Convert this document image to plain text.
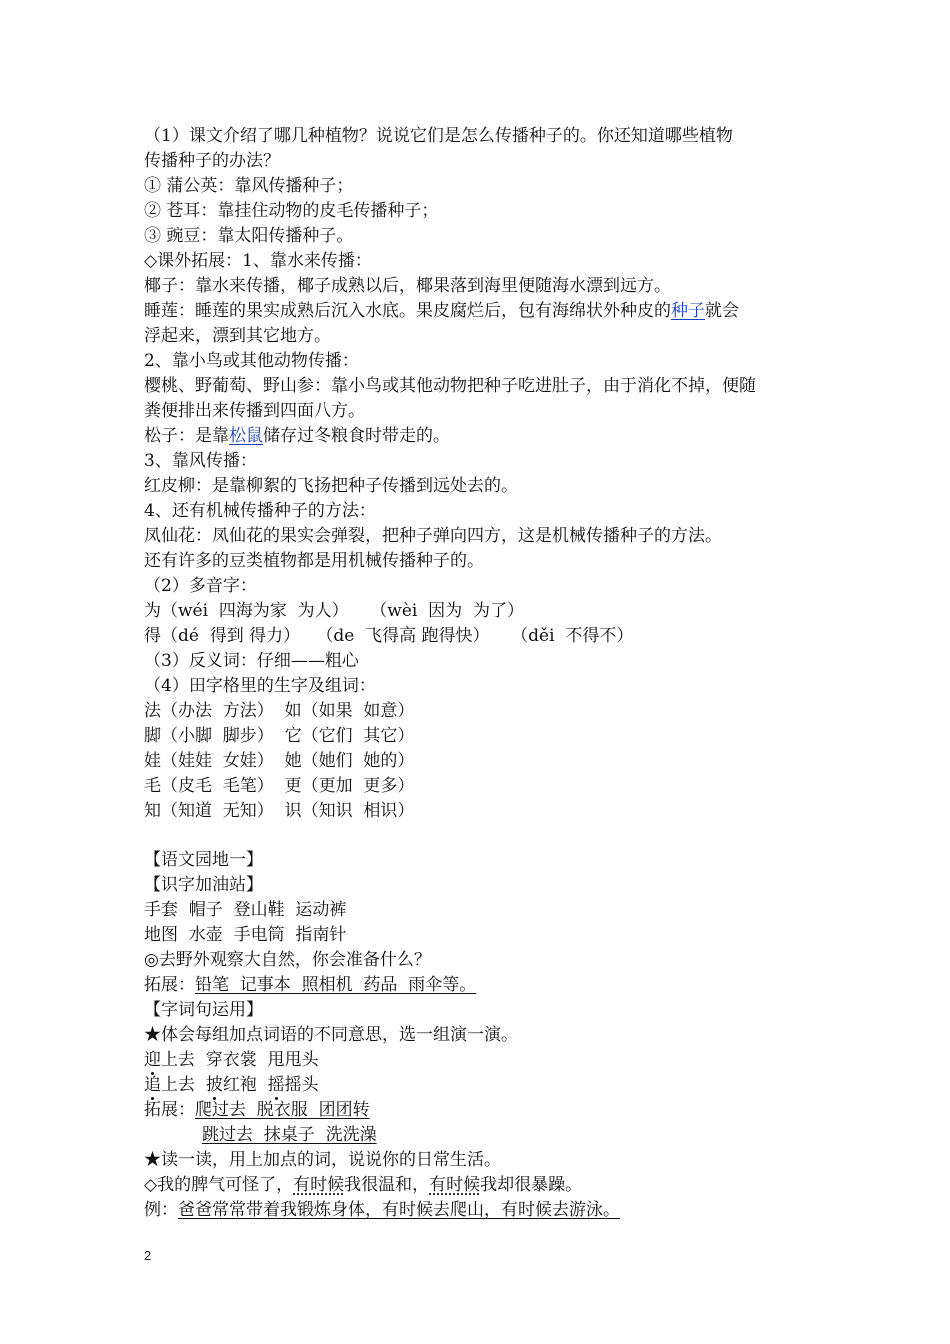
（1）课文介绍了哪几种植物？说说它们是怎么传播种子的。你还知道哪些植物
传播种子的办法？
① 蒲公英：靠风传播种子；
② 苍耳：靠挂住动物的皮毛传播种子；
③ 豌豆：靠太阳传播种子。
◇课外拓展：1、靠水来传播：
椰子：靠水来传播，椰子成熟以后，椰果落到海里便随海水漂到远方。
睡莲：睡莲的果实成熟后沉入水底。果皮腐烂后，包有海绵状外种皮的种子就会
浮起来，漂到其它地方。
2、靠小鸟或其他动物传播：
樱桃、野葡萄、野山参：靠小鸟或其他动物把种子吃进肚子，由于消化不掉，便随
粪便排出来传播到四面八方。
松子：是靠松鼠储存过冬粮食时带走的。
3、靠风传播：
红皮柳：是靠柳絮的飞扬把种子传播到远处去的。
4、还有机械传播种子的方法：
凤仙花：凤仙花的果实会弹裂，把种子弹向四方，这是机械传播种子的方法。
还有许多的豆类植物都是用机械传播种子的。
（2）多音字：
为（wéi  四海为家  为人）    （wèi  因为  为了）
得（dé  得到 得力）   （de  飞得高 跑得快）    （děi  不得不）
（3）反义词：仔细——粗心
（4）田字格里的生字及组词：
法（办法  方法）  如（如果  如意）
脚（小脚  脚步）  它（它们  其它）
娃（娃娃  女娃）  她（她们  她的）
毛（皮毛  毛笔）  更（更加  更多）
知（知道  无知）  识（知识  相识）
【语文园地一】
【识字加油站】
手套  帽子  登山鞋  运动裤
地图  水壶  手电筒  指南针
◎去野外观察大自然，你会准备什么？
拓展：铅笔  记事本  照相机  药品  雨伞等。
【字词句运用】
★体会每组加点词语的不同意思，选一组演一演。
迎上去  穿衣裳  甩甩头
追上去  披红袍  摇摇头
拓展：爬过去  脱衣服  团团转
跳过去  抹桌子  洗洗澡
★读一读，用上加点的词，说说你的日常生活。
◇我的脾气可怪了，有时候我很温和，有时候我却很暴躁。
例：爸爸常常带着我锻炼身体，有时候去爬山，有时候去游泳。
2
